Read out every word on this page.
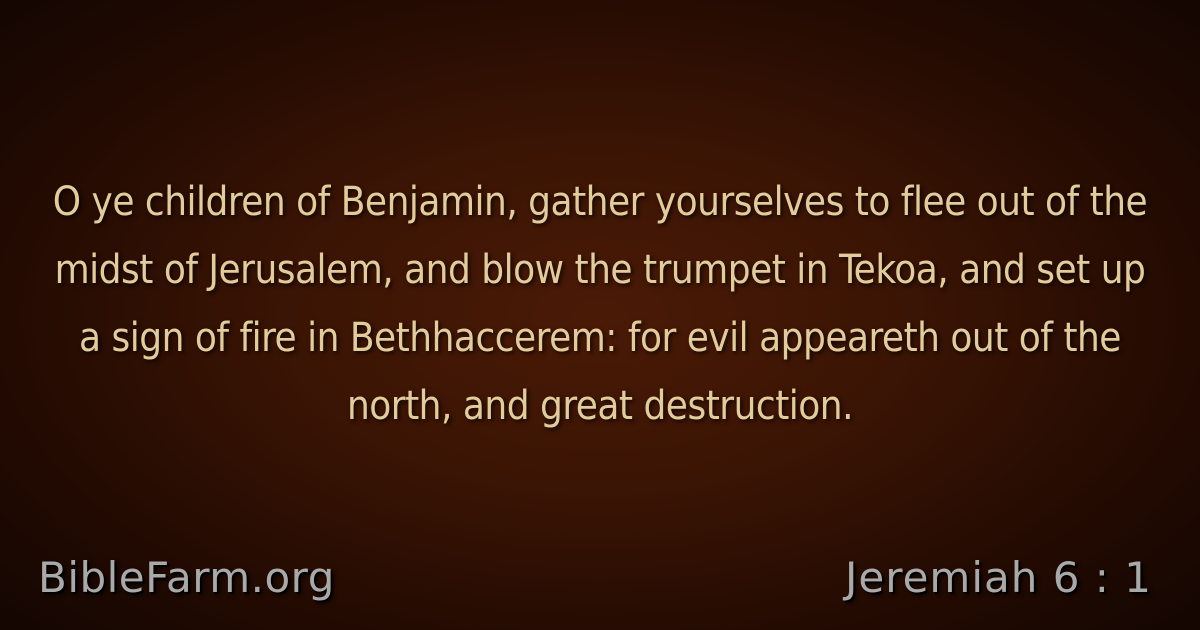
O ye children of Benjamin, gather yourselves to flee out of the midst of Jerusalem, and blow the trumpet in Tekoa, and set up a sign of fire in Bethhaccerem: for evil appeareth out of the north, and great destruction.

BibleFarm.org	Jeremiah 6 : 1
